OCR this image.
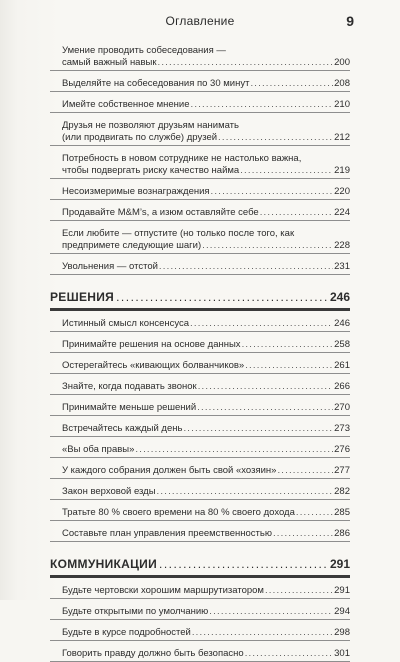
Оглавление	9
Умение проводить собеседования —
самый важный навык .....	200
Выделяйте на собеседования по 30 минут .....	208
Имейте собственное мнение .....	210
Друзья не позволяют друзьям нанимать
(или продвигать по службе) друзей .....	212
Потребность в новом сотруднике не настолько важна,
чтобы подвергать риску качество найма .....	219
Несоизмеримые вознаграждения .....	220
Продавайте M&M’s, а изюм оставляйте себе .....	224
Если любите — отпустите (но только после того, как
предпримете следующие шаги) .....	228
Увольнения — отстой .....	231
РЕШЕНИЯ .....	246
Истинный смысл консенсуса .....	246
Принимайте решения на основе данных .....	258
Остерегайтесь «кивающих болванчиков» .....	261
Знайте, когда подавать звонок .....	266
Принимайте меньше решений .....	270
Встречайтесь каждый день .....	273
«Вы оба правы» .....	276
У каждого собрания должен быть свой «хозяин» .....	277
Закон верховой езды .....	282
Тратьте 80 % своего времени на 80 % своего дохода .....	285
Составьте план управления преемственностью .....	286
КОММУНИКАЦИИ .....	291
Будьте чертовски хорошим маршрутизатором .....	291
Будьте открытыми по умолчанию .....	294
Будьте в курсе подробностей .....	298
Говорить правду должно быть безопасно .....	301
